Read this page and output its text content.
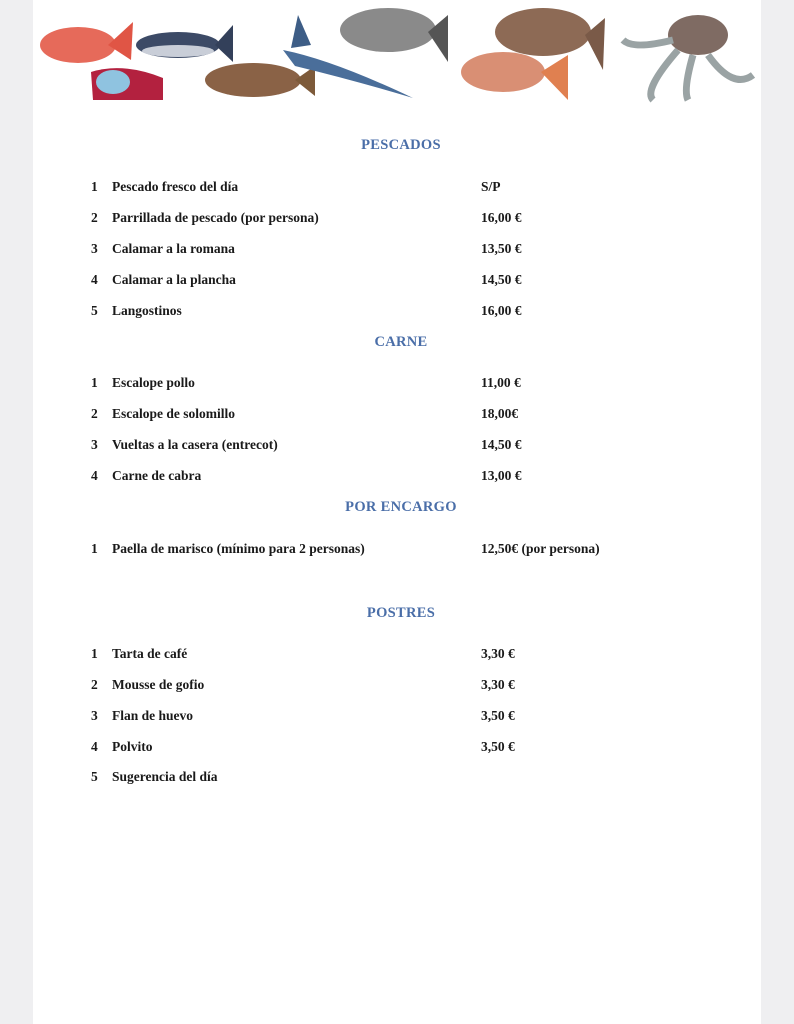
PESCADOS
1 Pescado fresco del día	S/P
2 Parrillada de pescado (por persona)	16,00 €
3 Calamar a la romana	13,50 €
4 Calamar a la plancha	14,50 €
5 Langostinos	16,00 €
CARNE
1 Escalope pollo	11,00 €
2 Escalope de solomillo	18,00€
3 Vueltas a la casera (entrecot)	14,50 €
4 Carne de cabra	13,00 €
POR ENCARGO
1 Paella de marisco (mínimo para 2 personas)	12,50€ (por persona)
POSTRES
1 Tarta de café	3,30 €
2 Mousse de gofio	3,30 €
3 Flan de huevo	3,50 €
4 Polvito	3,50 €
5 Sugerencia del día
